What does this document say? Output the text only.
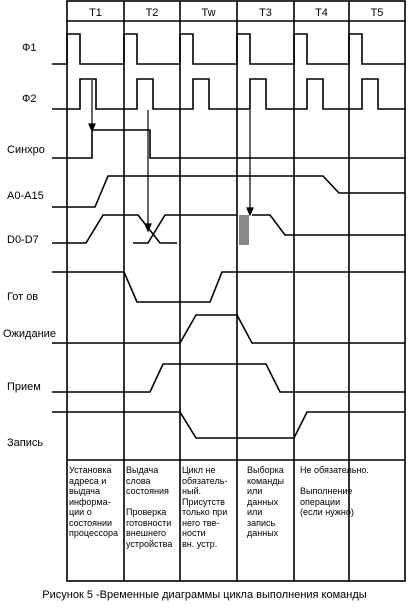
T1	T2	Tw	T3	T4	T5
Ф1
Ф2
Синхро
A0-A15
D0-D7
Гот ов
Ожидание
Прием
Запись
Установка
адреса и
выдача
информа-
ции о
состоянии
процессора
Выдача
слова
состояния

Проверка
готовности
внешнего
устройства
Цикл не
обязатель-
ный.
Присутств
только при
него тве-
ности
вн. устр.
Выборка
команды
или
данных
или
запись
данных
Не обязательно.

Выполнение
операции
(если нужно)
Рисунок 5 -Временные диаграммы цикла выполнения команды
